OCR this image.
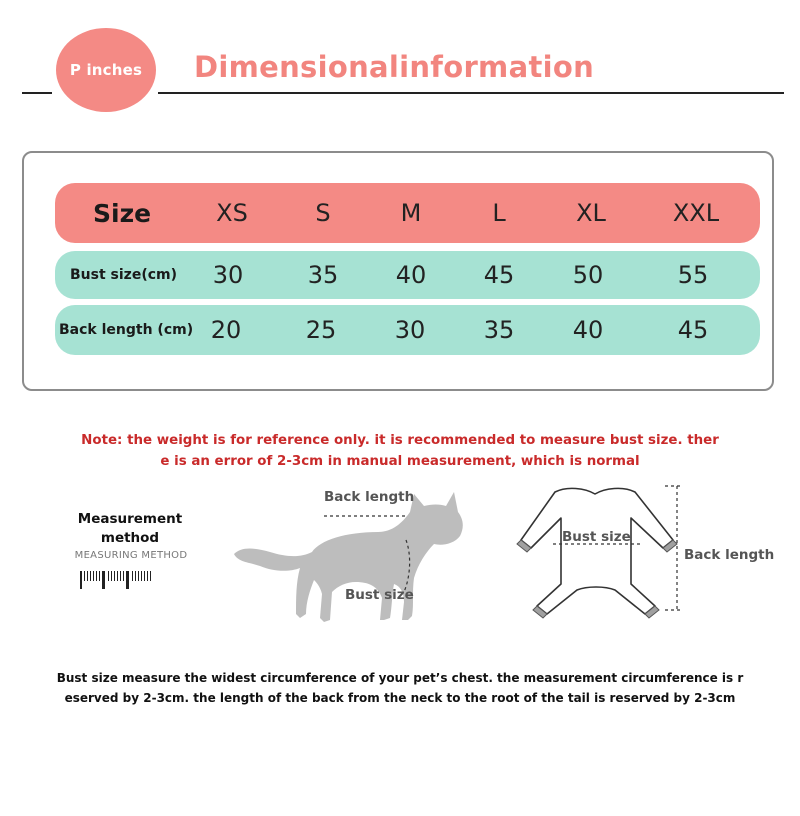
P inches Dimensionalinformation
Size	XS	S	M	L	XL	XXL
Bust size(cm)	30	35	40	45	50	55
Back length (cm) 20	25	30	35	40	45
Note: the weight is for reference only. it is recommended to measure bust size. ther
e is an error of 2-3cm in manual measurement, which is normal
Measurement
method
MEASURING METHOD
Back length
Bust size
Bust size
Back length
Bust size measure the widest circumference of your pet’s chest. the measurement circumference is r
eserved by 2-3cm. the length of the back from the neck to the root of the tail is reserved by 2-3cm
